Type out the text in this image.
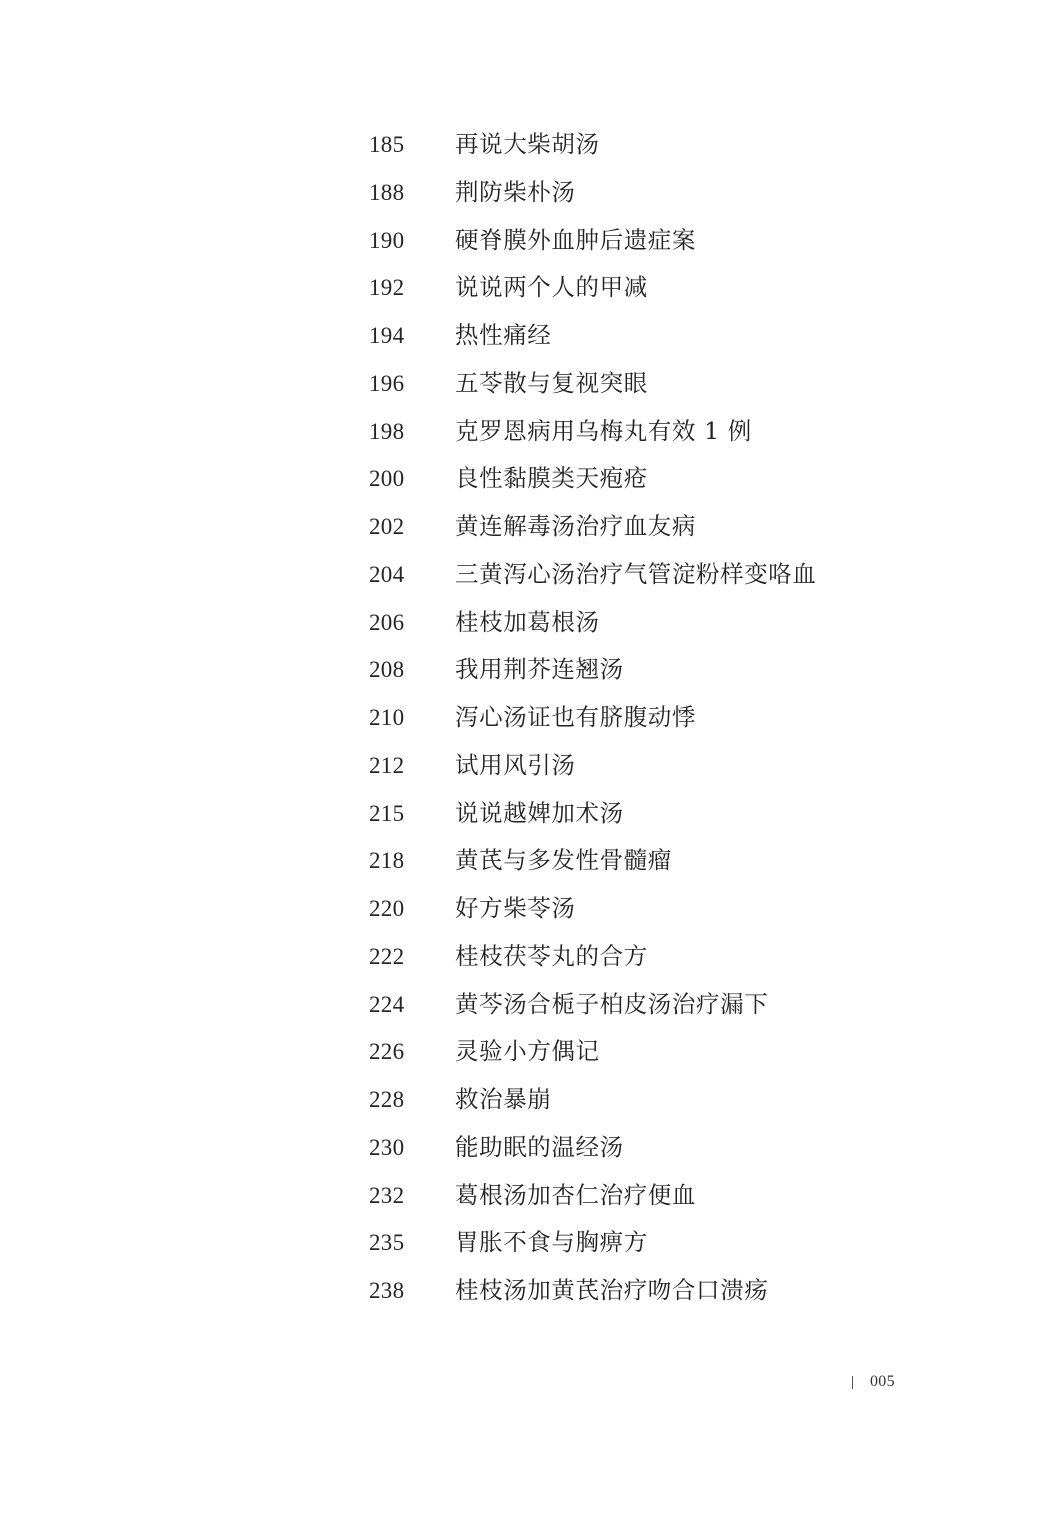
185 再说大柴胡汤
188 荆防柴朴汤
190 硬脊膜外血肿后遗症案
192 说说两个人的甲减
194 热性痛经
196 五苓散与复视突眼
198 克罗恩病用乌梅丸有效 1 例
200 良性黏膜类天疱疮
202 黄连解毒汤治疗血友病
204 三黄泻心汤治疗气管淀粉样变咯血
206 桂枝加葛根汤
208 我用荆芥连翘汤
210 泻心汤证也有脐腹动悸
212 试用风引汤
215 说说越婢加术汤
218 黄芪与多发性骨髓瘤
220 好方柴苓汤
222 桂枝茯苓丸的合方
224 黄芩汤合栀子柏皮汤治疗漏下
226 灵验小方偶记
228 救治暴崩
230 能助眠的温经汤
232 葛根汤加杏仁治疗便血
235 胃胀不食与胸痹方
238 桂枝汤加黄芪治疗吻合口溃疡
005
